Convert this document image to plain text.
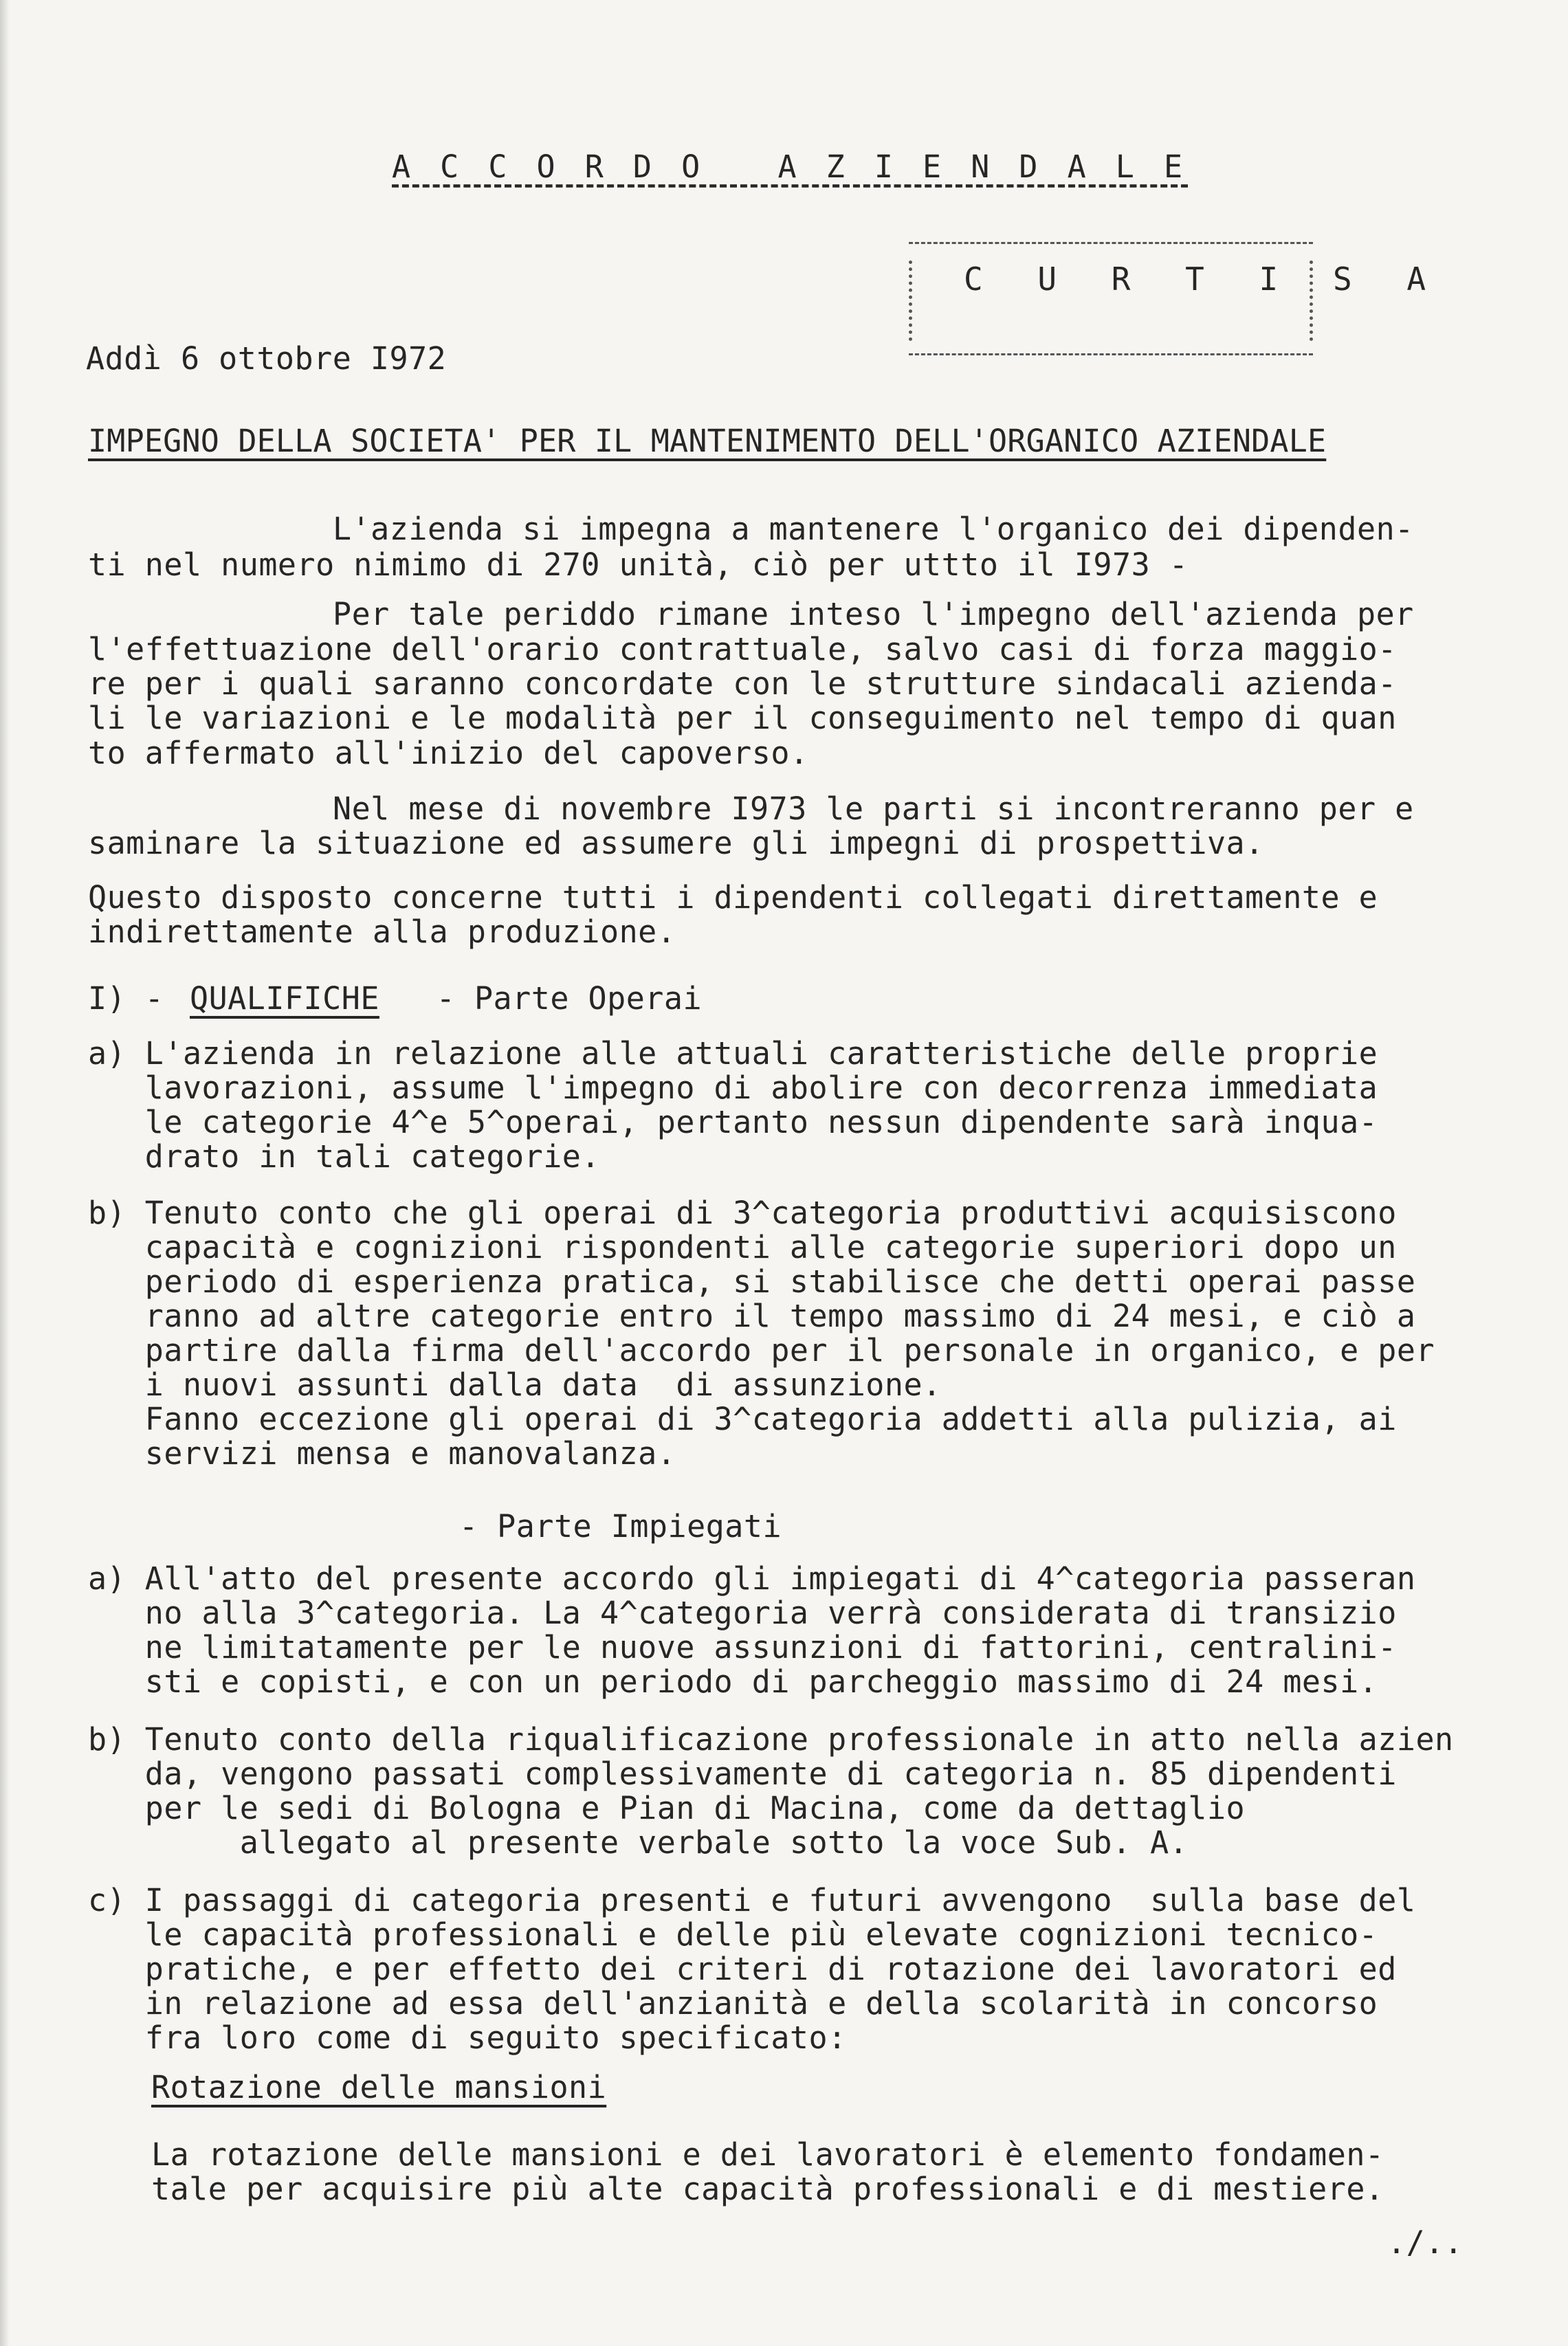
A C C O R D O   A Z I E N D A L E
C U R T I S A
Addì 6 ottobre I972
IMPEGNO DELLA SOCIETA' PER IL MANTENIMENTO DELL'ORGANICO AZIENDALE
L'azienda si impegna a mantenere l'organico dei dipenden-
ti nel numero nimimo di 270 unità, ciò per uttto il I973 -
Per tale periddo rimane inteso l'impegno dell'azienda per
l'effettuazione dell'orario contrattuale, salvo casi di forza maggio-
re per i quali saranno concordate con le strutture sindacali azienda-
li le variazioni e le modalità per il conseguimento nel tempo di quan
to affermato all'inizio del capoverso.
Nel mese di novembre I973 le parti si incontreranno per e
saminare la situazione ed assumere gli impegni di prospettiva.
Questo disposto concerne tutti i dipendenti collegati direttamente e
indirettamente alla produzione.
I) - QUALIFICHE - Parte Operai
a) L'azienda in relazione alle attuali caratteristiche delle proprie
lavorazioni, assume l'impegno di abolire con decorrenza immediata
le categorie 4^e 5^operai, pertanto nessun dipendente sarà inqua-
drato in tali categorie.
b) Tenuto conto che gli operai di 3^categoria produttivi acquisiscono
capacità e cognizioni rispondenti alle categorie superiori dopo un
periodo di esperienza pratica, si stabilisce che detti operai passe
ranno ad altre categorie entro il tempo massimo di 24 mesi, e ciò a
partire dalla firma dell'accordo per il personale in organico, e per
i nuovi assunti dalla data  di assunzione.
Fanno eccezione gli operai di 3^categoria addetti alla pulizia, ai
servizi mensa e manovalanza.
- Parte Impiegati
a) All'atto del presente accordo gli impiegati di 4^categoria passeran
no alla 3^categoria. La 4^categoria verrà considerata di transizio
ne limitatamente per le nuove assunzioni di fattorini, centralini-
sti e copisti, e con un periodo di parcheggio massimo di 24 mesi.
b) Tenuto conto della riqualificazione professionale in atto nella azien
da, vengono passati complessivamente di categoria n. 85 dipendenti
per le sedi di Bologna e Pian di Macina, come da dettaglio
allegato al presente verbale sotto la voce Sub. A.
c) I passaggi di categoria presenti e futuri avvengono  sulla base del
le capacità professionali e delle più elevate cognizioni tecnico-
pratiche, e per effetto dei criteri di rotazione dei lavoratori ed
in relazione ad essa dell'anzianità e della scolarità in concorso
fra loro come di seguito specificato:
Rotazione delle mansioni
La rotazione delle mansioni e dei lavoratori è elemento fondamen-
tale per acquisire più alte capacità professionali e di mestiere.
./..
